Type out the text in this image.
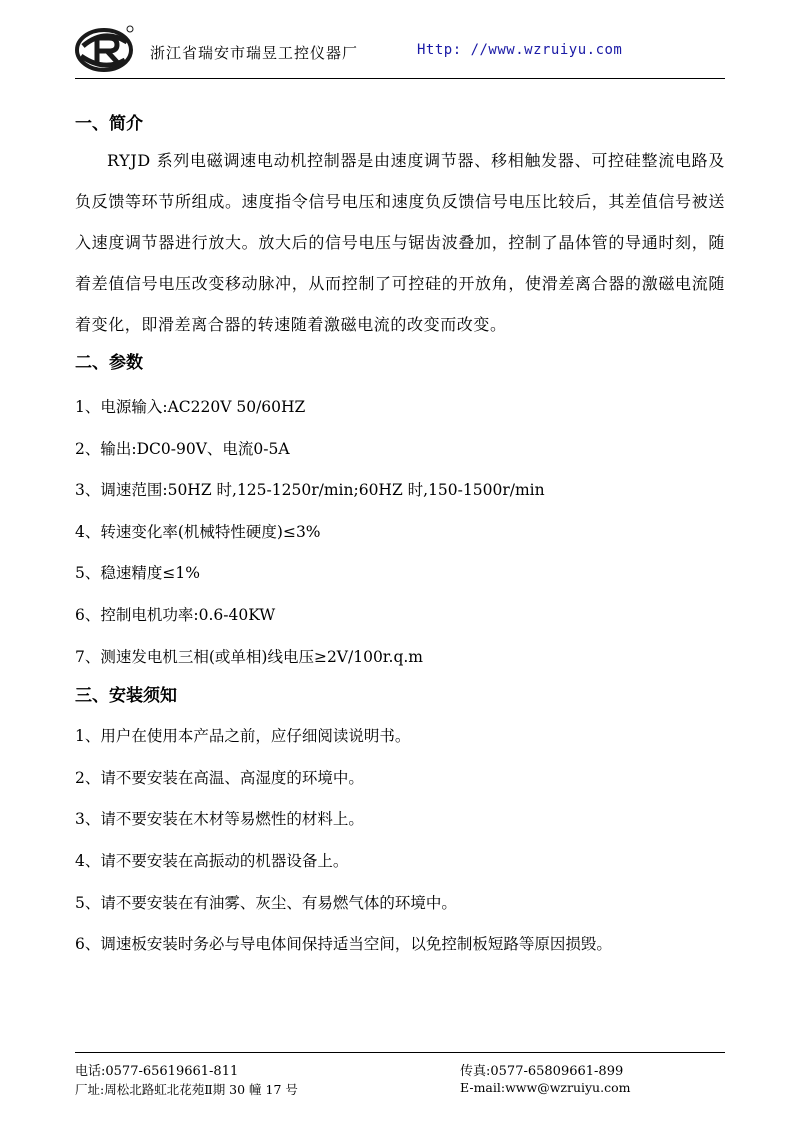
浙江省瑞安市瑞昱工控仪器厂	Http: //www.wzruiyu.com
一、简介

RYJD 系列电磁调速电动机控制器是由速度调节器、移相触发器、可控硅整流电路及负反馈等环节所组成。速度指令信号电压和速度负反馈信号电压比较后，其差值信号被送入速度调节器进行放大。放大后的信号电压与锯齿波叠加，控制了晶体管的导通时刻，随着差值信号电压改变移动脉冲，从而控制了可控硅的开放角，使滑差离合器的激磁电流随着变化，即滑差离合器的转速随着激磁电流的改变而改变。

二、参数
1、电源输入:AC220V 50/60HZ
2、输出:DC0-90V、电流0-5A
3、调速范围:50HZ 时,125-1250r/min;60HZ 时,150-1500r/min
4、转速变化率(机械特性硬度)≤3%
5、稳速精度≤1%
6、控制电机功率:0.6-40KW
7、测速发电机三相(或单相)线电压≥2V/100r.q.m
三、安装须知
1、用户在使用本产品之前，应仔细阅读说明书。
2、请不要安装在高温、高湿度的环境中。
3、请不要安装在木材等易燃性的材料上。
4、请不要安装在高振动的机器设备上。
5、请不要安装在有油雾、灰尘、有易燃气体的环境中。
6、调速板安装时务必与导电体间保持适当空间，以免控制板短路等原因损毁。
电话:0577-65619661-811	传真:0577-65809661-899
厂址:周松北路虹北花苑Ⅱ期 30 幢 17 号	E-mail:www@wzruiyu.com
